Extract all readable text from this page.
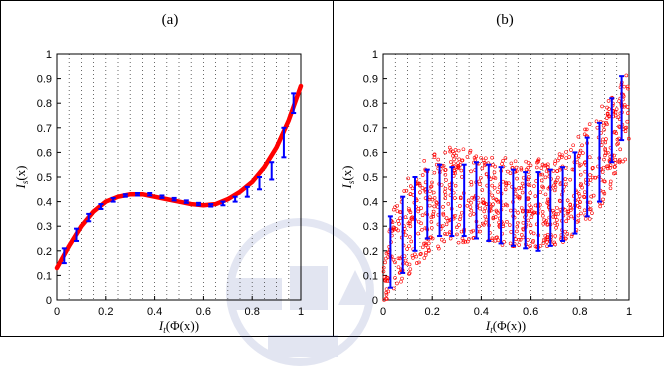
(a)	(b)
0	0.2	0.4	0.6	0.8	1
0
0.1
0.2
0.3
0.4
0.5
0.6
0.7
0.8
0.9
1
$I_t(\Phi(x))$
$I_s(x)$
0	0.2	0.4	0.6	0.8	1
0
0.1
0.2
0.3
0.4
0.5
0.6
0.7
0.8
0.9
1
$I_t(\Phi(x))$
$I_s(x)$
